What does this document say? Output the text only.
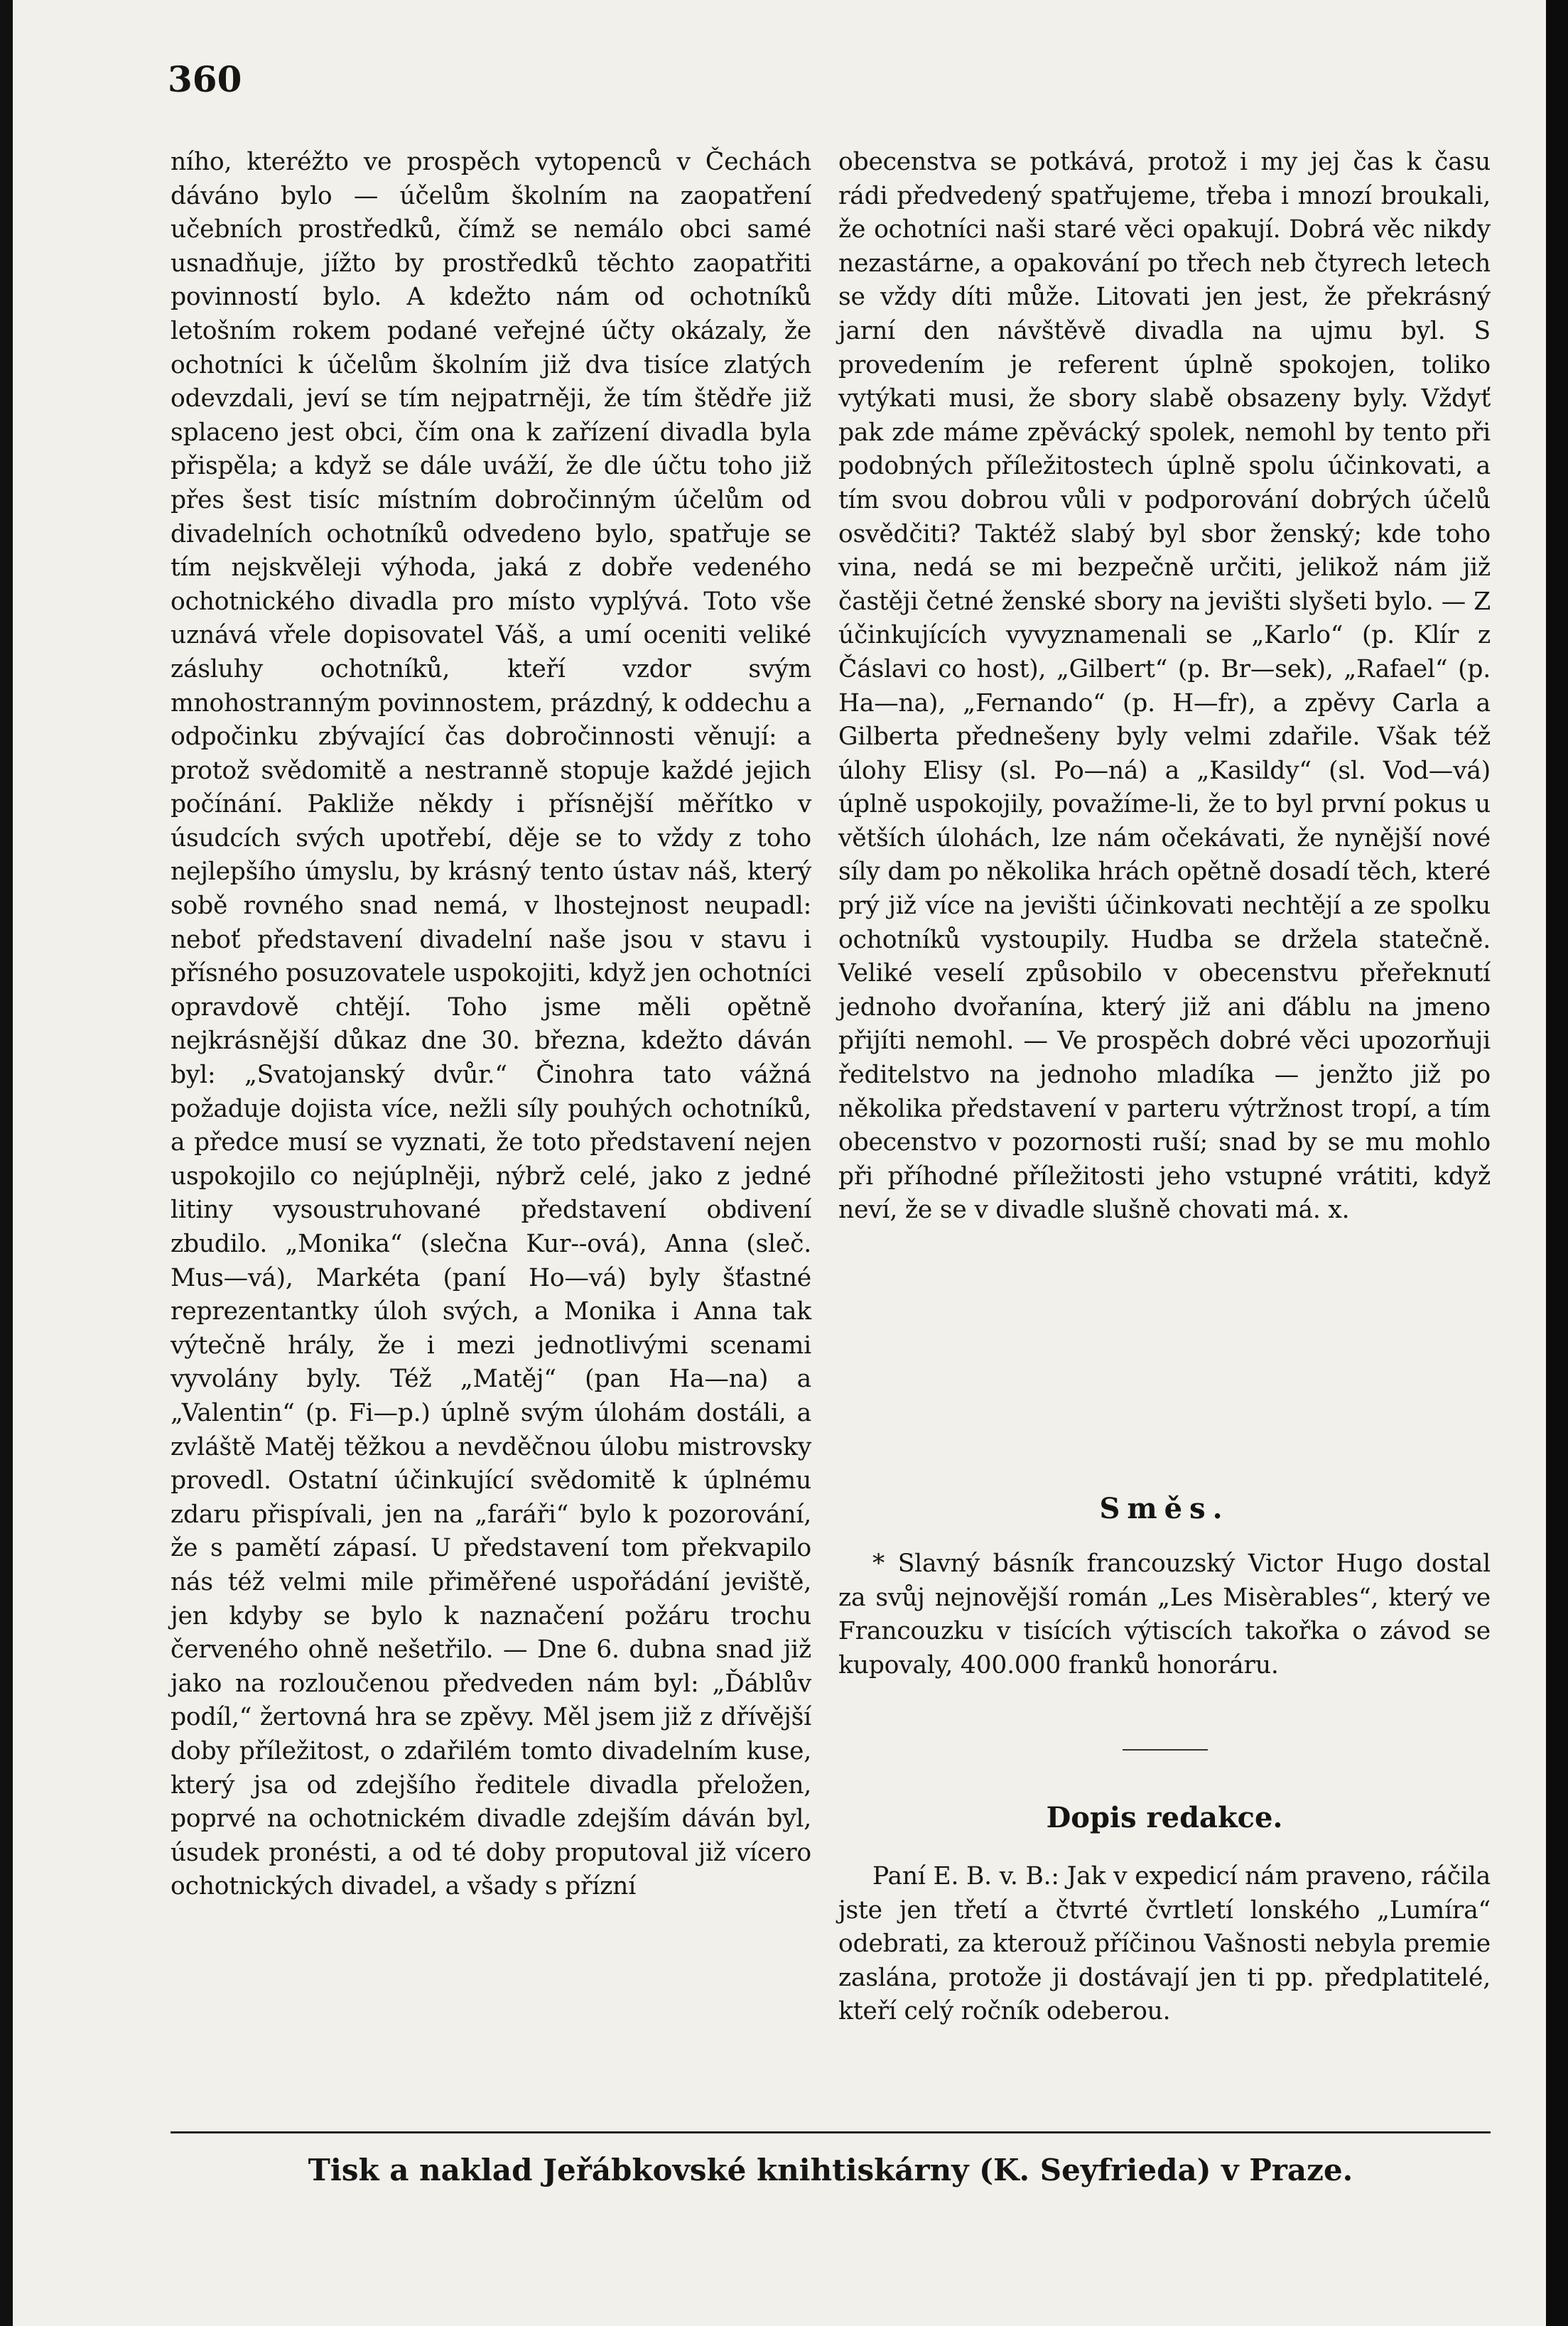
360

ního, kteréžto ve prospěch vytopenců v Čechách dáváno bylo — účelům školním na zaopatření učebních prostředků, čímž se nemálo obci samé usnadňuje, jížto by prostředků těchto zaopatřiti povinností bylo. A kdežto nám od ochotníků letošním rokem podané veřejné účty okázaly, že ochotníci k účelům školním již dva tisíce zlatých odevzdali, jeví se tím nejpatrněji, že tím štědře již splaceno jest obci, čím ona k zařízení divadla byla přispěla; a když se dále uváží, že dle účtu toho již přes šest tisíc místním dobročinným účelům od divadelních ochotníků odvedeno bylo, spatřuje se tím nejskvěleji výhoda, jaká z dobře vedeného ochotnického divadla pro místo vyplývá. Toto vše uznává vřele dopisovatel Váš, a umí oceniti veliké zásluhy ochotníků, kteří vzdor svým mnohostranným povinnostem, prázdný, k oddechu a odpočinku zbývající čas dobročinnosti věnují: a protož svědomitě a nestranně stopuje každé jejich počínání. Pakliže někdy i přísnější měřítko v úsudcích svých upotřebí, děje se to vždy z toho nejlepšího úmyslu, by krásný tento ústav náš, který sobě rovného snad nemá, v lhostejnost neupadl: neboť představení divadelní naše jsou v stavu i přísného posuzovatele uspokojiti, když jen ochotníci opravdově chtějí. Toho jsme měli opětně nejkrásnější důkaz dne 30. března, kdežto dáván byl: „Svatojanský dvůr.“ Činohra tato vážná požaduje dojista více, nežli síly pouhých ochotníků, a předce musí se vyznati, že toto představení nejen uspokojilo co nejúplněji, nýbrž celé, jako z jedné litiny vysoustruhované představení obdivení zbudilo. „Monika“ (slečna Kur--ová), Anna (sleč. Mus—vá), Markéta (paní Ho—vá) byly šťastné reprezentantky úloh svých, a Monika i Anna tak výtečně hrály, že i mezi jednotlivými scenami vyvolány byly. Též „Matěj“ (pan Ha—na) a „Valentin“ (p. Fi—p.) úplně svým úlohám dostáli, a zvláště Matěj těžkou a nevděčnou úlobu mistrovsky provedl. Ostatní účinkující svědomitě k úplnému zdaru přispívali, jen na „faráři“ bylo k pozorování, že s pamětí zápasí. U představení tom překvapilo nás též velmi mile přiměřené uspořádání jeviště, jen kdyby se bylo k naznačení požáru trochu červeného ohně nešetřilo. — Dne 6. dubna snad již jako na rozloučenou předveden nám byl: „Ďáblův podíl,“ žertovná hra se zpěvy. Měl jsem již z dřívější doby příležitost, o zdařilém tomto divadelním kuse, který jsa od zdejšího ředitele divadla přeložen, poprvé na ochotnickém divadle zdejším dáván byl, úsudek pronésti, a od té doby proputoval již vícero ochotnických divadel, a všady s přízní

obecenstva se potkává, protož i my jej čas k času rádi předvedený spatřujeme, třeba i mnozí broukali, že ochotníci naši staré věci opakují. Dobrá věc nikdy nezastárne, a opakování po třech neb čtyrech letech se vždy díti může. Litovati jen jest, že překrásný jarní den návštěvě divadla na ujmu byl. S provedením je referent úplně spokojen, toliko vytýkati musi, že sbory slabě obsazeny byly. Vždyť pak zde máme zpěvácký spolek, nemohl by tento při podobných příležitostech úplně spolu účinkovati, a tím svou dobrou vůli v podporování dobrých účelů osvědčiti? Taktéž slabý byl sbor ženský; kde toho vina, nedá se mi bezpečně určiti, jelikož nám již častěji četné ženské sbory na jevišti slyšeti bylo. — Z účinkujících vyvyznamenali se „Karlo“ (p. Klír z Čáslavi co host), „Gilbert“ (p. Br—sek), „Rafael“ (p. Ha—na), „Fernando“ (p. H—fr), a zpěvy Carla a Gilberta přednešeny byly velmi zdařile. Však též úlohy Elisy (sl. Po—ná) a „Kasildy“ (sl. Vod—vá) úplně uspokojily, považíme-li, že to byl první pokus u větších úlohách, lze nám očekávati, že nynější nové síly dam po několika hrách opětně dosadí těch, které prý již více na jevišti účinkovati nechtějí a ze spolku ochotníků vystoupily. Hudba se držela statečně. Veliké veselí způsobilo v obecenstvu přeřeknutí jednoho dvořanína, který již ani ďáblu na jmeno přijíti nemohl. — Ve prospěch dobré věci upozorňuji ředitelstvo na jednoho mladíka — jenžto již po několika představení v parteru výtržnost tropí, a tím obecenstvo v pozornosti ruší; snad by se mu mohlo při příhodné příležitosti jeho vstupné vrátiti, když neví, že se v divadle slušně chovati má. x.

Směs.

* Slavný básník francouzský Victor Hugo dostal za svůj nejnovější román „Les Misèrables“, který ve Francouzku v tisících výtiscích takořka o závod se kupovaly, 400.000 franků honoráru.

Dopis redakce.

Paní E. B. v. B.: Jak v expedicí nám praveno, ráčila jste jen třetí a čtvrté čvrtletí lonského „Lumíra“ odebrati, za kterouž příčinou Vašnosti nebyla premie zaslána, protože ji dostávají jen ti pp. předplatitelé, kteří celý ročník odeberou.

Tisk a naklad Jeřábkovské knihtiskárny (K. Seyfrieda) v Praze.
